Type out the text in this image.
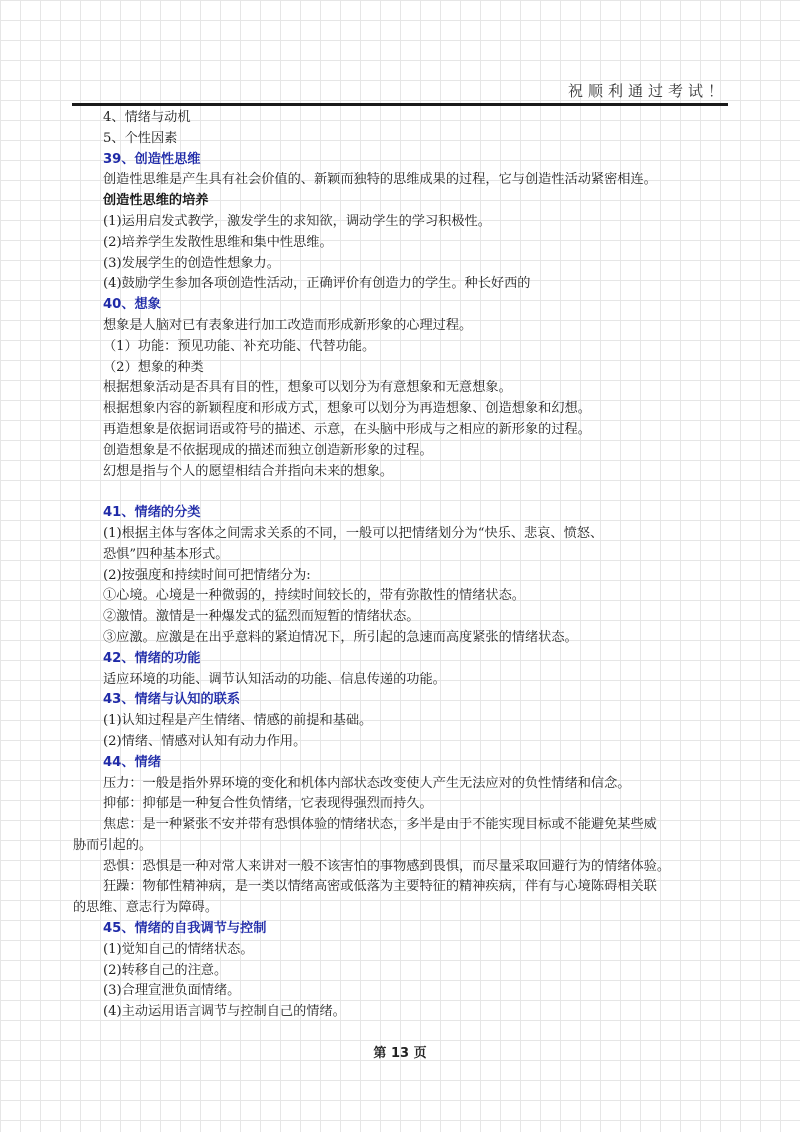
祝顺利通过考试！
4、情绪与动机
5、个性因素
39、创造性思维
创造性思维是产生具有社会价值的、新颖而独特的思维成果的过程，它与创造性活动紧密相连。
创造性思维的培养
(1)运用启发式教学，激发学生的求知欲，调动学生的学习积极性。
(2)培养学生发散性思维和集中性思维。
(3)发展学生的创造性想象力。
(4)鼓励学生参加各项创造性活动，正确评价有创造力的学生。种长好西的
40、想象
想象是人脑对已有表象进行加工改造而形成新形象的心理过程。
（1）功能：预见功能、补充功能、代替功能。
（2）想象的种类
根据想象活动是否具有目的性，想象可以划分为有意想象和无意想象。
根据想象内容的新颖程度和形成方式，想象可以划分为再造想象、创造想象和幻想。
再造想象是依据词语或符号的描述、示意，在头脑中形成与之相应的新形象的过程。
创造想象是不依据现成的描述而独立创造新形象的过程。
幻想是指与个人的愿望相结合并指向未来的想象。
41、情绪的分类
(1)根据主体与客体之间需求关系的不同，一般可以把情绪划分为“快乐、悲哀、愤怒、
恐惧”四种基本形式。
(2)按强度和持续时间可把情绪分为:
①心境。心境是一种微弱的，持续时间较长的，带有弥散性的情绪状态。
②激情。激情是一种爆发式的猛烈而短暂的情绪状态。
③应激。应激是在出乎意料的紧迫情况下，所引起的急速而高度紧张的情绪状态。
42、情绪的功能
适应环境的功能、调节认知活动的功能、信息传递的功能。
43、情绪与认知的联系
(1)认知过程是产生情绪、情感的前提和基础。
(2)情绪、情感对认知有动力作用。
44、情绪
压力：一般是指外界环境的变化和机体内部状态改变使人产生无法应对的负性情绪和信念。
抑郁：抑郁是一种复合性负情绪，它表现得强烈而持久。
焦虑：是一种紧张不安并带有恐惧体验的情绪状态，多半是由于不能实现目标或不能避免某些威
胁而引起的。
恐惧：恐惧是一种对常人来讲对一般不该害怕的事物感到畏惧，而尽量采取回避行为的情绪体验。
狂躁：物郁性精神病，是一类以情绪高密或低落为主要特征的精神疾病，伴有与心境陈碍相关联
的思维、意志行为障碍。
45、情绪的自我调节与控制
(1)觉知自己的情绪状态。
(2)转移自己的注意。
(3)合理宣泄负面情绪。
(4)主动运用语言调节与控制自己的情绪。
第 13 页
